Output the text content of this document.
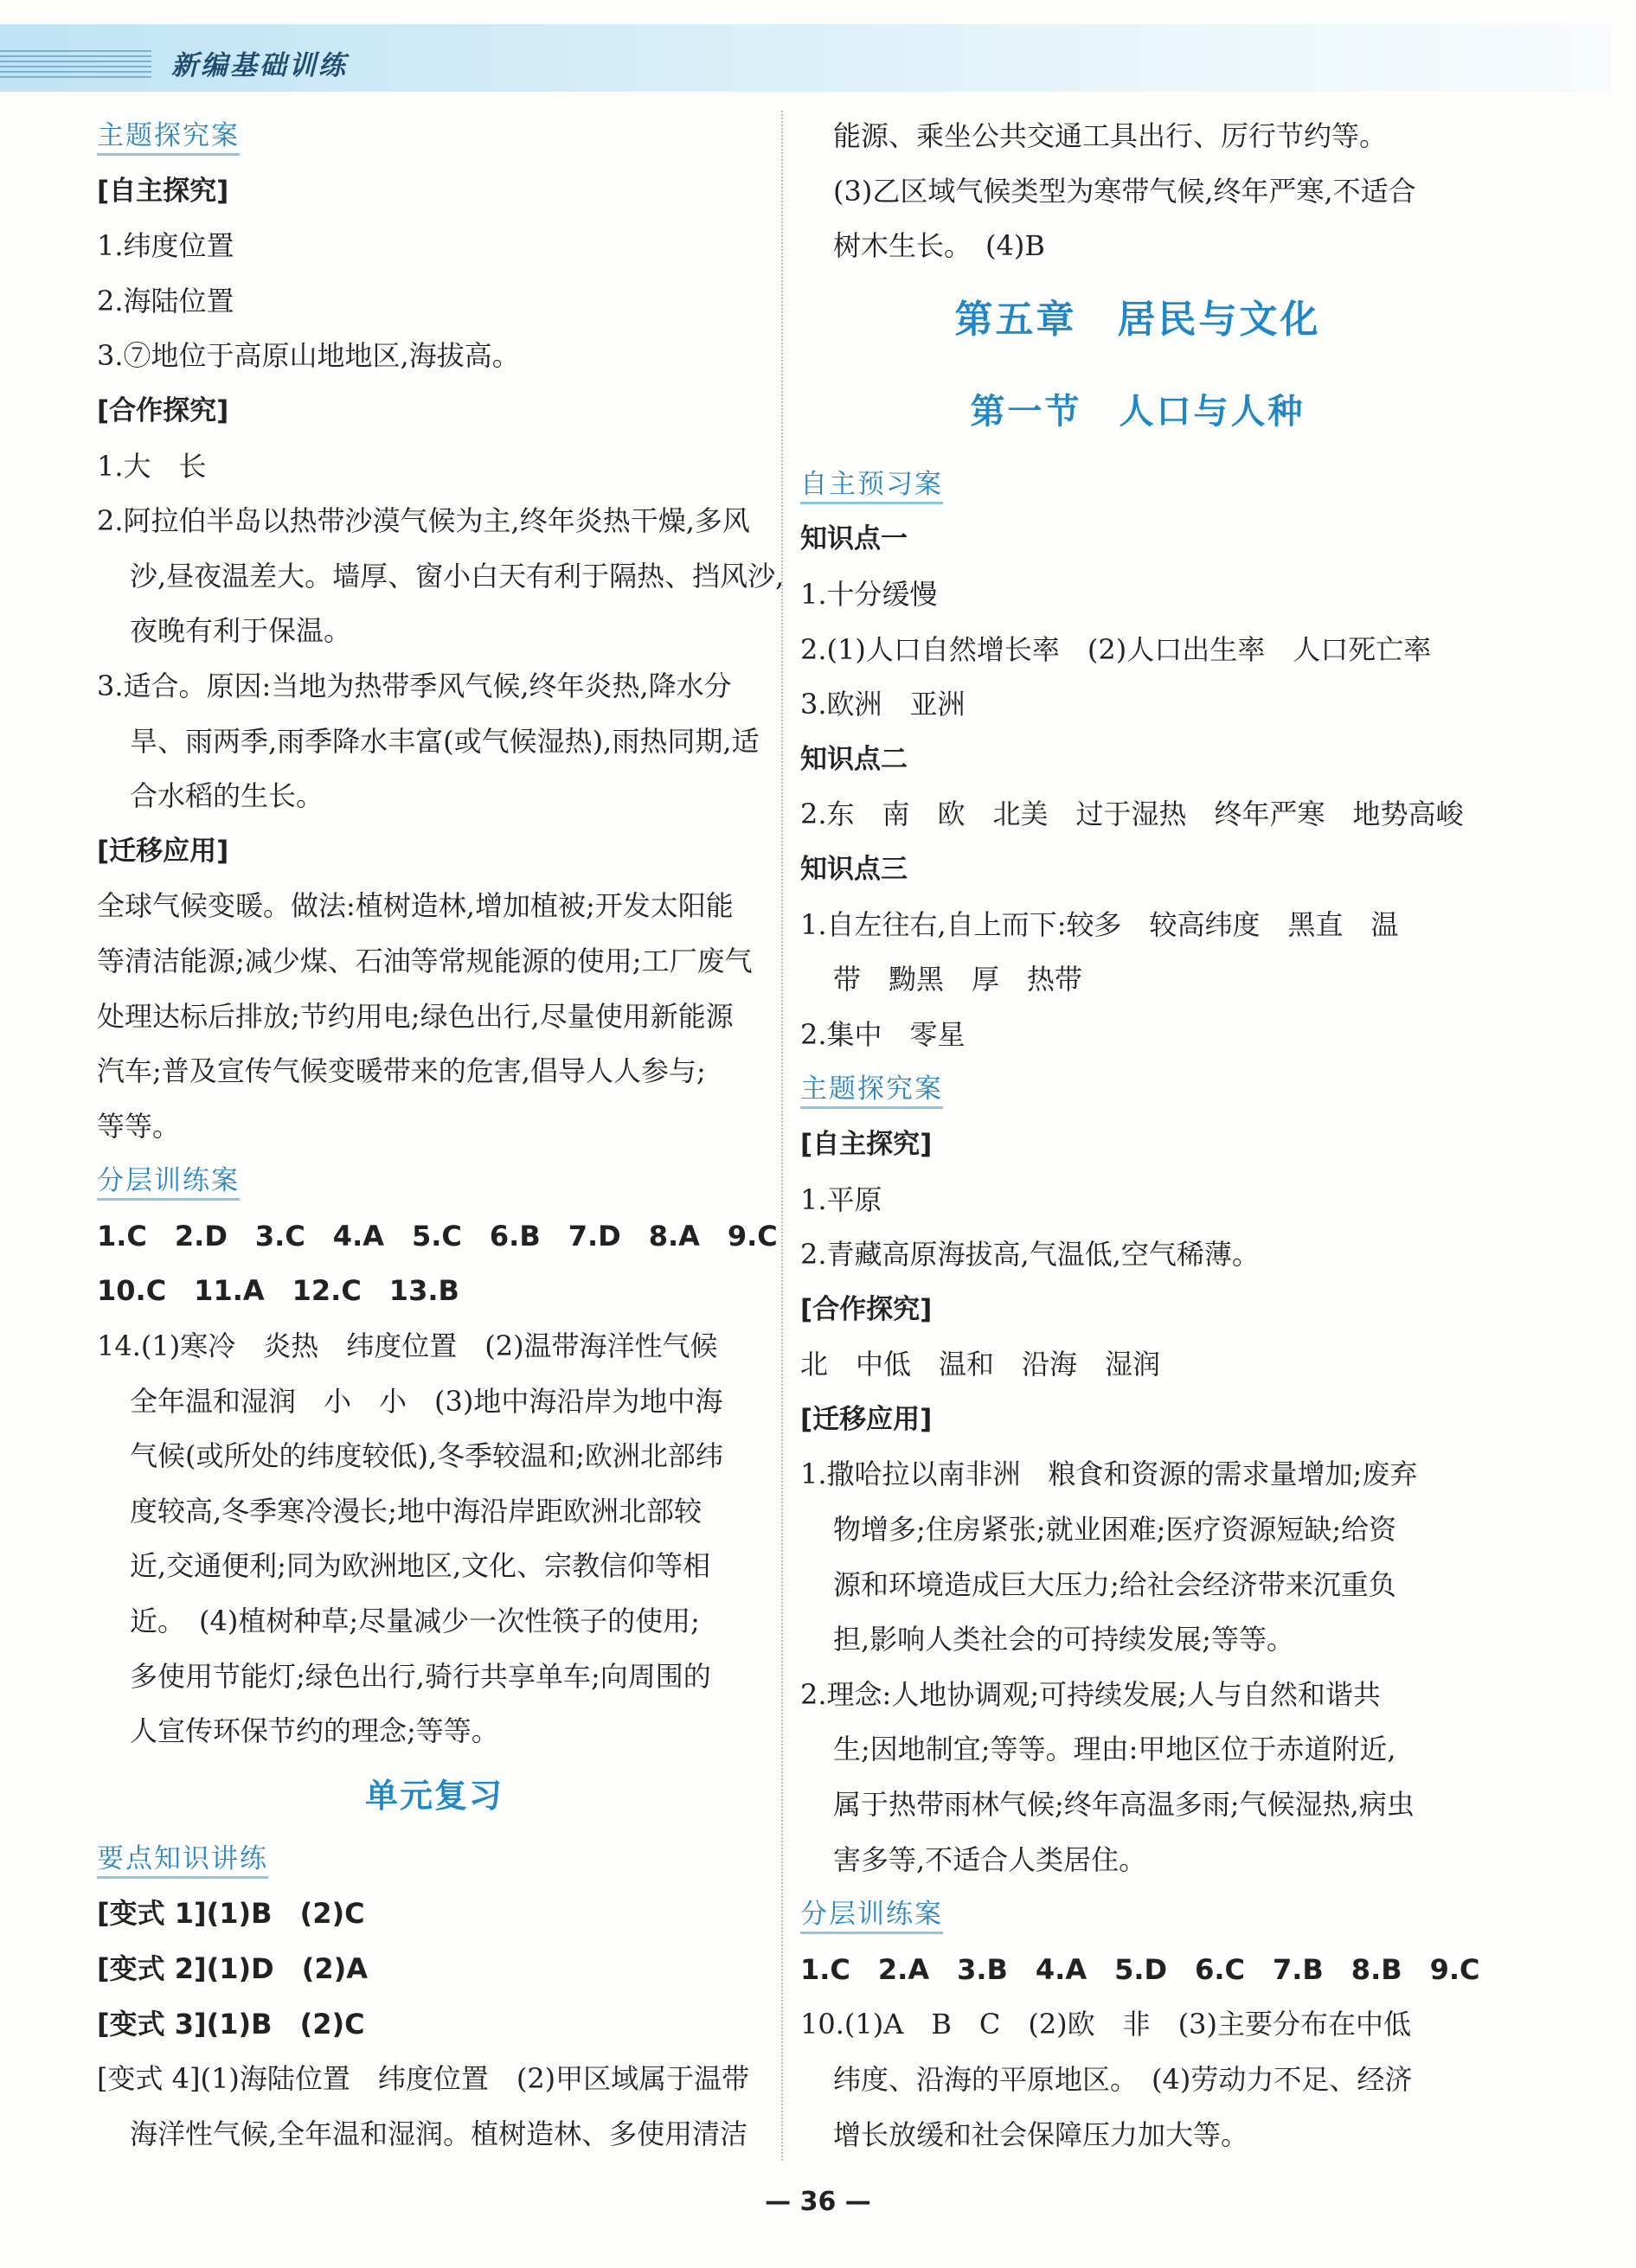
新编基础训练
主题探究案
[自主探究]
1.纬度位置
2.海陆位置
3.⑦地位于高原山地地区,海拔高。
[合作探究]
1.大　长
2.阿拉伯半岛以热带沙漠气候为主,终年炎热干燥,多风
沙,昼夜温差大。墙厚、窗小白天有利于隔热、挡风沙,
夜晚有利于保温。
3.适合。原因:当地为热带季风气候,终年炎热,降水分
旱、雨两季,雨季降水丰富(或气候湿热),雨热同期,适
合水稻的生长。
[迁移应用]
全球气候变暖。做法:植树造林,增加植被;开发太阳能
等清洁能源;减少煤、石油等常规能源的使用;工厂废气
处理达标后排放;节约用电;绿色出行,尽量使用新能源
汽车;普及宣传气候变暖带来的危害,倡导人人参与;
等等。
分层训练案
1.C　2.D　3.C　4.A　5.C　6.B　7.D　8.A　9.C
10.C　11.A　12.C　13.B
14.(1)寒冷　炎热　纬度位置　(2)温带海洋性气候
全年温和湿润　小　小　(3)地中海沿岸为地中海
气候(或所处的纬度较低),冬季较温和;欧洲北部纬
度较高,冬季寒冷漫长;地中海沿岸距欧洲北部较
近,交通便利;同为欧洲地区,文化、宗教信仰等相
近。　(4)植树种草;尽量减少一次性筷子的使用;
多使用节能灯;绿色出行,骑行共享单车;向周围的
人宣传环保节约的理念;等等。
单元复习
要点知识讲练
[变式 1](1)B　(2)C
[变式 2](1)D　(2)A
[变式 3](1)B　(2)C
[变式 4](1)海陆位置　纬度位置　(2)甲区域属于温带
海洋性气候,全年温和湿润。植树造林、多使用清洁
能源、乘坐公共交通工具出行、厉行节约等。
(3)乙区域气候类型为寒带气候,终年严寒,不适合
树木生长。　(4)B
第五章　居民与文化
第一节　人口与人种
自主预习案
知识点一
1.十分缓慢
2.(1)人口自然增长率　(2)人口出生率　人口死亡率
3.欧洲　亚洲
知识点二
2.东　南　欧　北美　过于湿热　终年严寒　地势高峻
知识点三
1.自左往右,自上而下:较多　较高纬度　黑直　温
带　黝黑　厚　热带
2.集中　零星
主题探究案
[自主探究]
1.平原
2.青藏高原海拔高,气温低,空气稀薄。
[合作探究]
北　中低　温和　沿海　湿润
[迁移应用]
1.撒哈拉以南非洲　粮食和资源的需求量增加;废弃
物增多;住房紧张;就业困难;医疗资源短缺;给资
源和环境造成巨大压力;给社会经济带来沉重负
担,影响人类社会的可持续发展;等等。
2.理念:人地协调观;可持续发展;人与自然和谐共
生;因地制宜;等等。理由:甲地区位于赤道附近,
属于热带雨林气候;终年高温多雨;气候湿热,病虫
害多等,不适合人类居住。
分层训练案
1.C　2.A　3.B　4.A　5.D　6.C　7.B　8.B　9.C
10.(1)A　B　C　(2)欧　非　(3)主要分布在中低
纬度、沿海的平原地区。　(4)劳动力不足、经济
增长放缓和社会保障压力加大等。
— 36 —
